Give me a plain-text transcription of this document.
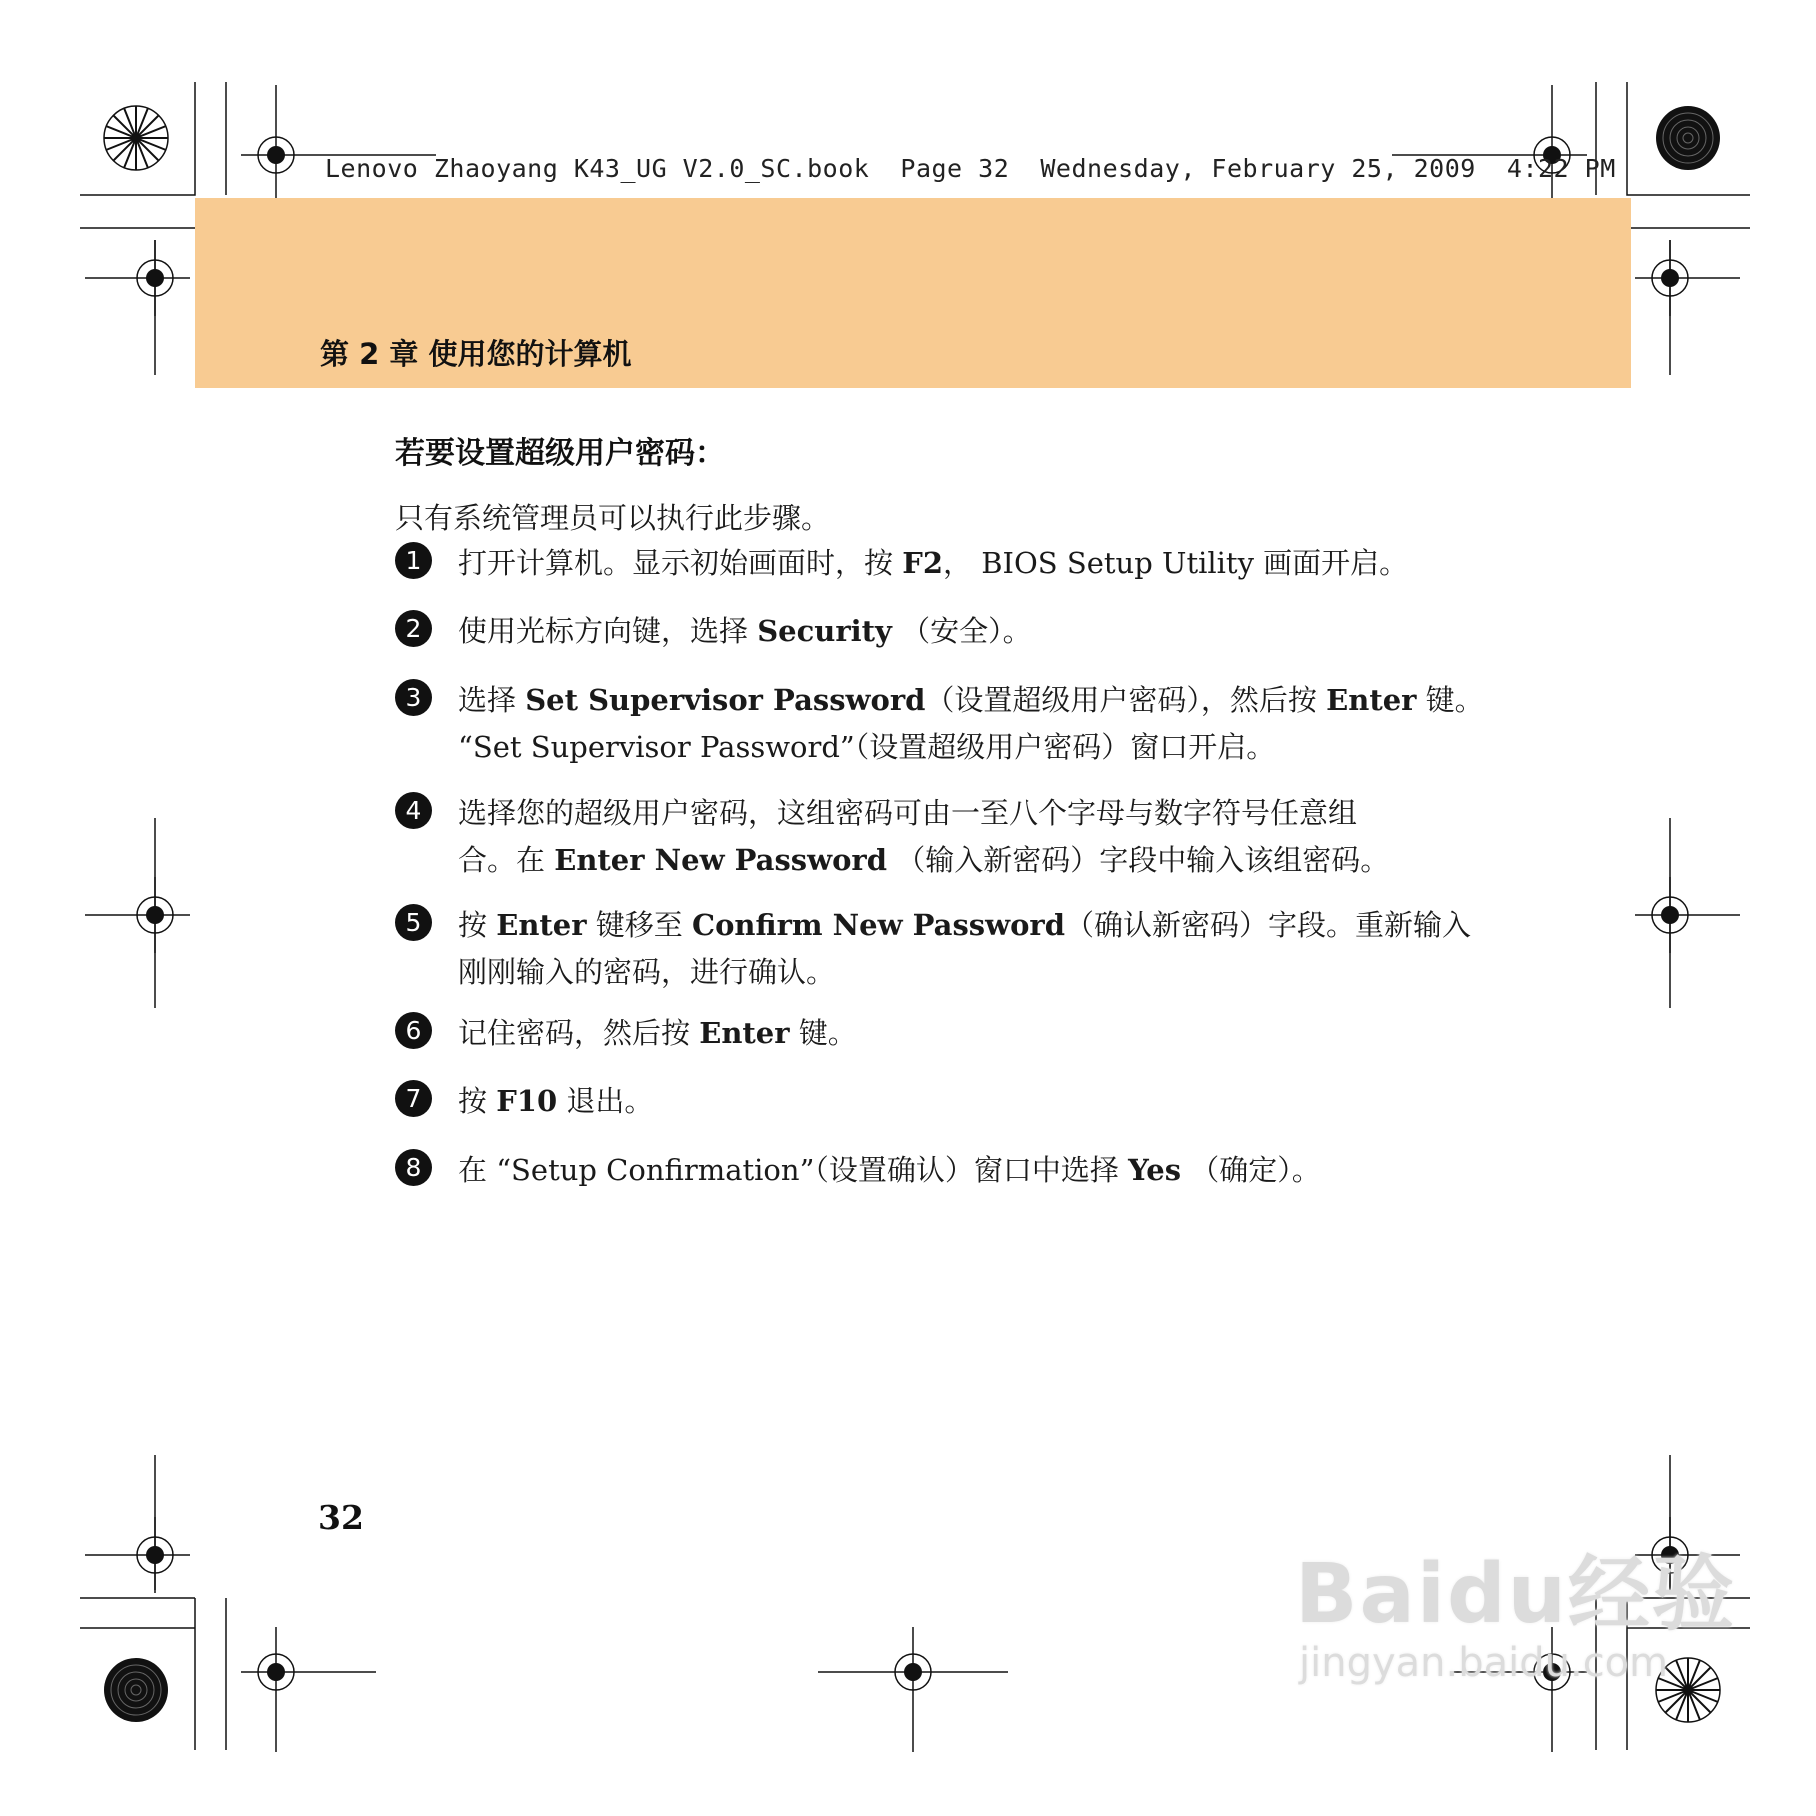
Lenovo Zhaoyang K43_UG V2.0_SC.book  Page 32  Wednesday, February 25, 2009  4:22 PM
第 2 章 使用您的计算机
若要设置超级用户密码：
只有系统管理员可以执行此步骤。
1	打开计算机。显示初始画面时，按 F2， BIOS Setup Utility 画面开启。
2	使用光标方向键，选择 Security （安全）。
3	选择 Set Supervisor Password（设置超级用户密码），然后按 Enter 键。
“Set Supervisor Password”（设置超级用户密码）窗口开启。
4	选择您的超级用户密码，这组密码可由一至八个字母与数字符号任意组
合。在 Enter New Password （输入新密码）字段中输入该组密码。
5	按 Enter 键移至 Confirm New Password（确认新密码）字段。重新输入
刚刚输入的密码，进行确认。
6	记住密码，然后按 Enter 键。
7	按 F10 退出。
8	在 “Setup Confirmation”（设置确认）窗口中选择 Yes （确定）。
32
Baidu经验
jingyan.baidu.com
